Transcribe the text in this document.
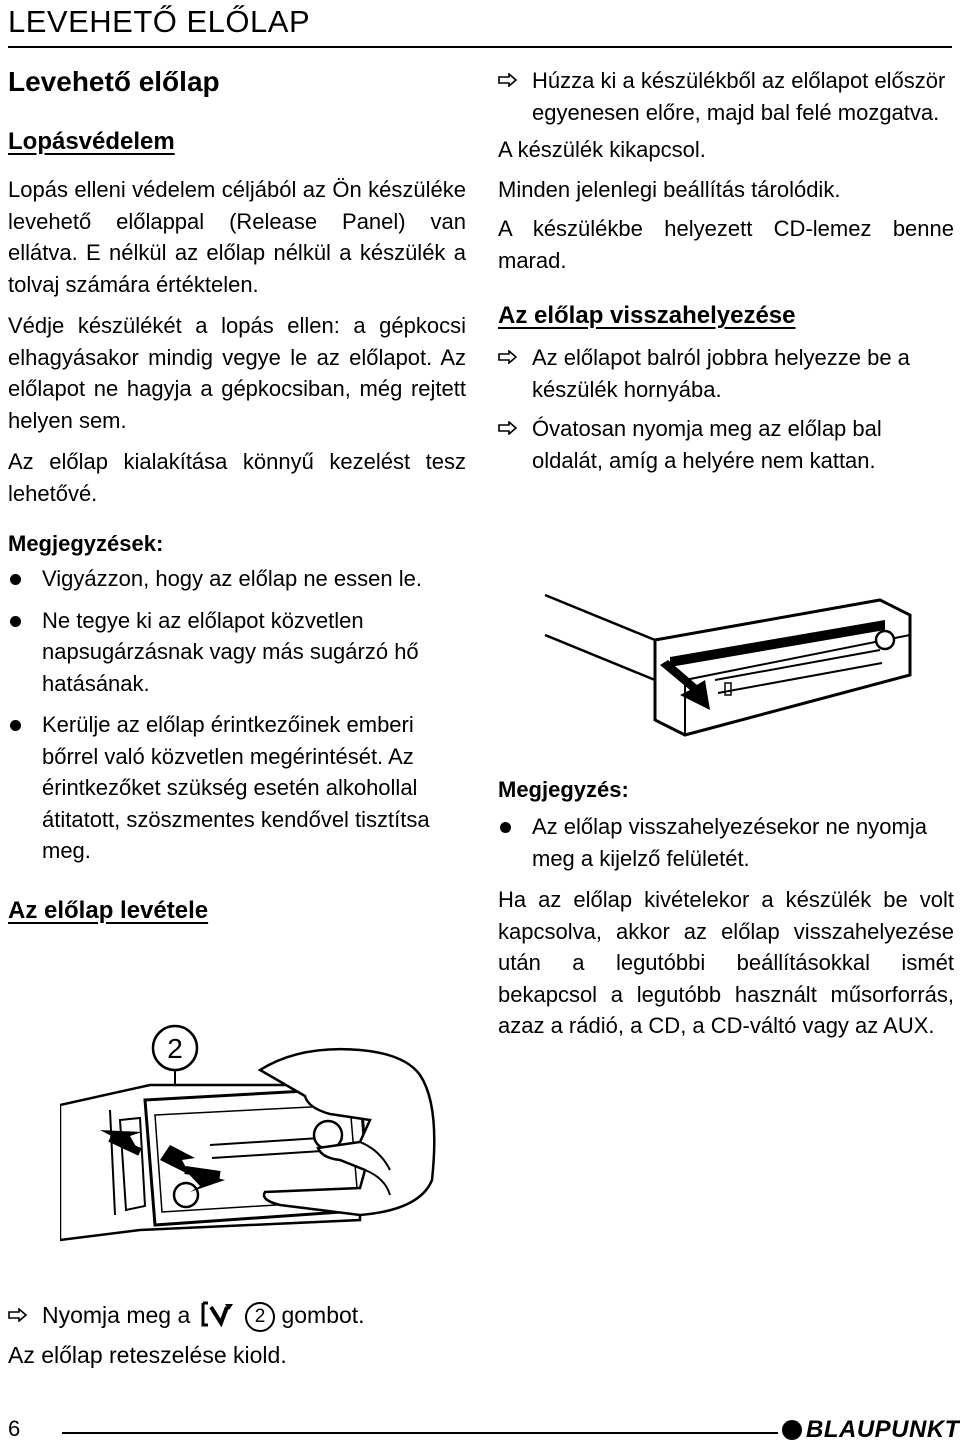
LEVEHETŐ ELŐLAP
Levehető előlap
Lopásvédelem

Lopás elleni védelem céljából az Ön készüléke levehető előlappal (Release Panel) van ellátva. E nélkül az előlap nélkül a készülék a tolvaj számára értéktelen.

Védje készülékét a lopás ellen: a gépkocsi elhagyásakor mindig vegye le az előlapot. Az előlapot ne hagyja a gépkocsiban, még rejtett helyen sem.

Az előlap kialakítása könnyű kezelést tesz lehetővé.

Megjegyzések:
Vigyázzon, hogy az előlap ne essen le.
Ne tegye ki az előlapot közvetlen napsugárzásnak vagy más sugárzó hő hatásának.
Kerülje az előlap érintkezőinek emberi bőrrel való közvetlen megérintését. Az érintkezőket szükség esetén alkohollal átitatott, szöszmentes kendővel tisztítsa meg.
Az előlap levétele
2
Húzza ki a készülékből az előlapot először egyenesen előre, majd bal felé mozgatva.

A készülék kikapcsol.

Minden jelenlegi beállítás tárolódik.

A készülékbe helyezett CD-lemez benne marad.

Az előlap visszahelyezése
Az előlapot balról jobbra helyezze be a készülék hornyába.
Óvatosan nyomja meg az előlap bal oldalát, amíg a helyére nem kattan.
Megjegyzés:
Az előlap visszahelyezésekor ne nyomja meg a kijelző felületét.

Ha az előlap kivételekor a készülék be volt kapcsolva, akkor az előlap visszahelyezése után a legutóbbi beállításokkal ismét bekapcsol a legutóbb használt műsorforrás, azaz a rádió, a CD, a CD-váltó vagy az AUX.

Nyomja meg a	2 gombot.

Az előlap reteszelése kiold.

6	BLAUPUNKT
